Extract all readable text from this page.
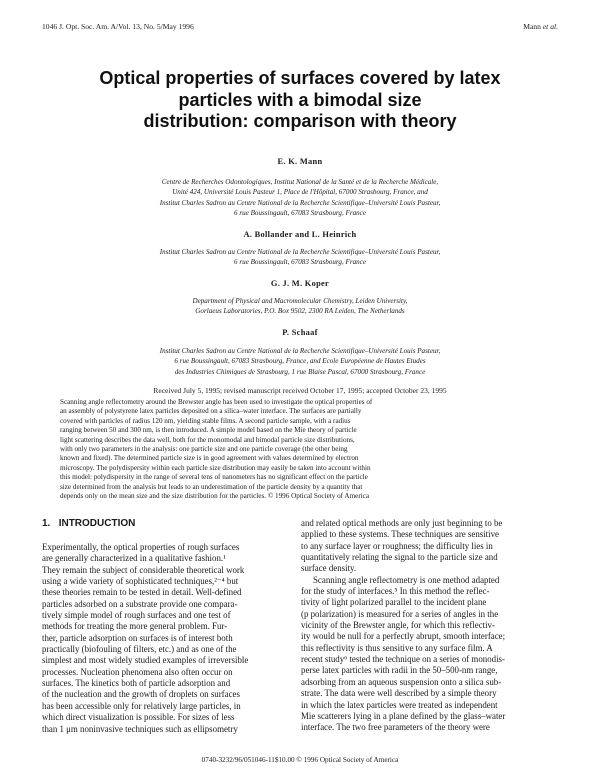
1046 J. Opt. Soc. Am. A/Vol. 13, No. 5/May 1996	Mann et al.
Optical properties of surfaces covered by latex
particles with a bimodal size
distribution: comparison with theory
E. K. Mann
Centre de Recherches Odontologiques, Institut National de la Santé et de la Recherche Médicale,
Unité 424, Université Louis Pasteur 1, Place de l'Hôpital, 67000 Strasbourg, France, and
Institut Charles Sadron au Centre National de la Recherche Scientifique–Université Louis Pasteur,
6 rue Boussingault, 67083 Strasbourg, France
A. Bollander and L. Heinrich
Institut Charles Sadron au Centre National de la Recherche Scientifique–Université Louis Pasteur,
6 rue Boussingault, 67083 Strasbourg, France
G. J. M. Koper
Department of Physical and Macromolecular Chemistry, Leiden University,
Gorlaeus Laboratories, P.O. Box 9502, 2300 RA Leiden, The Netherlands
P. Schaaf
Institut Charles Sadron au Centre National de la Recherche Scientifique–Université Louis Pasteur,
6 rue Boussingault, 67083 Strasbourg, France, and Ecole Européenne de Hautes Etudes
des Industries Chimiques de Strasbourg, 1 rue Blaise Pascal, 67000 Strasbourg, France
Received July 5, 1995; revised manuscript received October 17, 1995; accepted October 23, 1995
Scanning angle reflectometry around the Brewster angle has been used to investigate the optical properties of
an assembly of polystyrene latex particles deposited on a silica–water interface. The surfaces are partially
covered with particles of radius 120 nm, yielding stable films. A second particle sample, with a radius
ranging between 50 and 300 nm, is then introduced. A simple model based on the Mie theory of particle
light scattering describes the data well, both for the monomodal and bimodal particle size distributions,
with only two parameters in the analysis: one particle size and one particle coverage (the other being
known and fixed). The determined particle size is in good agreement with values determined by electron
microscopy. The polydispersity within each particle size distribution may easily be taken into account within
this model: polydispersity in the range of several tens of nanometers has no significant effect on the particle
size determined from the analysis but leads to an underestimation of the particle density by a quantity that
depends only on the mean size and the size distribution for the particles. © 1996 Optical Society of America
1. INTRODUCTION
Experimentally, the optical properties of rough surfaces
are generally characterized in a qualitative fashion.¹
They remain the subject of considerable theoretical work
using a wide variety of sophisticated techniques,²⁻⁴ but
these theories remain to be tested in detail. Well-defined
particles adsorbed on a substrate provide one compara-
tively simple model of rough surfaces and one test of
methods for treating the more general problem. Fur-
ther, particle adsorption on surfaces is of interest both
practically (biofouling of filters, etc.) and as one of the
simplest and most widely studied examples of irreversible
processes. Nucleation phenomena also often occur on
surfaces. The kinetics both of particle adsorption and
of the nucleation and the growth of droplets on surfaces
has been accessible only for relatively large particles, in
which direct visualization is possible. For sizes of less
than 1 μm noninvasive techniques such as ellipsometry
and related optical methods are only just beginning to be
applied to these systems. These techniques are sensitive
to any surface layer or roughness; the difficulty lies in
quantitatively relating the signal to the particle size and
surface density.
Scanning angle reflectometry is one method adapted
for the study of interfaces.⁵ In this method the reflec-
tivity of light polarized parallel to the incident plane
(p polarization) is measured for a series of angles in the
vicinity of the Brewster angle, for which this reflectiv-
ity would be null for a perfectly abrupt, smooth interface;
this reflectivity is thus sensitive to any surface film. A
recent study⁶ tested the technique on a series of monodis-
perse latex particles with radii in the 50–500-nm range,
adsorbing from an aqueous suspension onto a silica sub-
strate. The data were well described by a simple theory
in which the latex particles were treated as independent
Mie scatterers lying in a plane defined by the glass–water
interface. The two free parameters of the theory were
0740-3232/96/051046-11$10.00 © 1996 Optical Society of America
